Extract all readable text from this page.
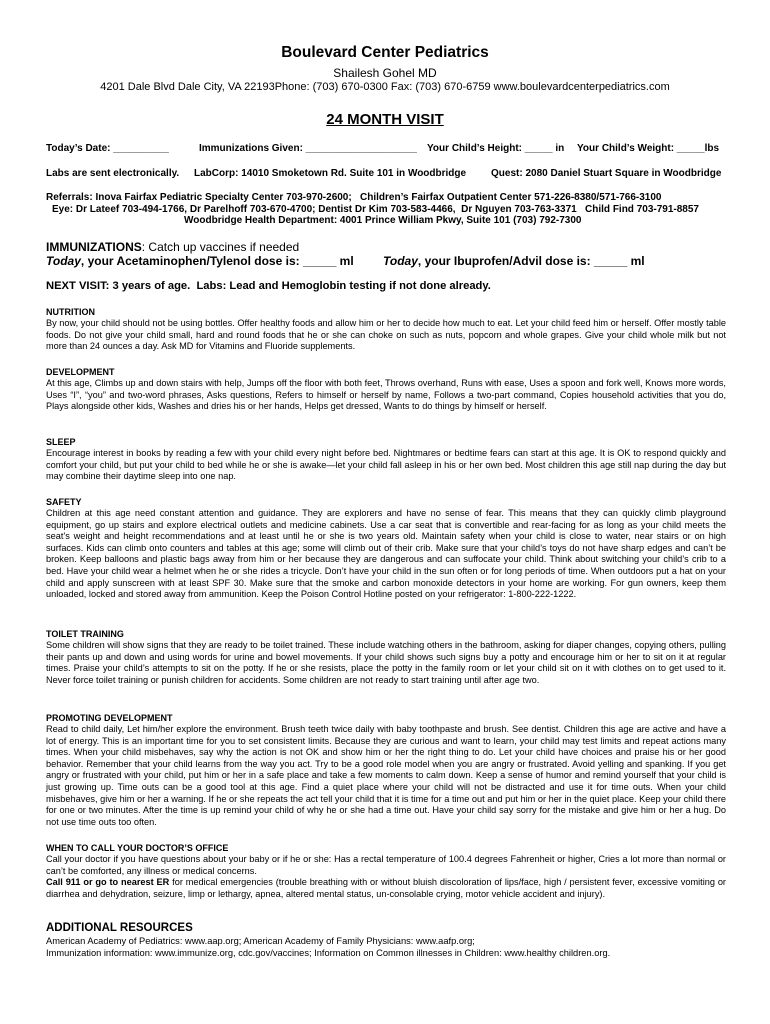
Boulevard Center Pediatrics
Shailesh Gohel MD
4201 Dale Blvd Dale City, VA 22193Phone: (703) 670-0300 Fax: (703) 670-6759 www.boulevardcenterpediatrics.com
24 MONTH VISIT
Today’s Date: __________	Immunizations Given: ____________________ Your Child’s Height: _____ in Your Child’s Weight: _____lbs
Labs are sent electronically. LabCorp: 14010 Smoketown Rd. Suite 101 in Woodbridge Quest: 2080 Daniel Stuart Square in Woodbridge
Referrals: Inova Fairfax Pediatric Specialty Center 703-970-2600;   Children’s Fairfax Outpatient Center 571-226-8380/571-766-3100
Eye: Dr Lateef 703-494-1766, Dr Parelhoff 703-670-4700; Dentist Dr Kim 703-583-4466,  Dr Nguyen 703-763-3371   Child Find 703-791-8857
Woodbridge Health Department: 4001 Prince William Pkwy, Suite 101 (703) 792-7300
IMMUNIZATIONS: Catch up vaccines if needed
Today, your Acetaminophen/Tylenol dose is: _____ ml Today, your Ibuprofen/Advil dose is: _____ ml
NEXT VISIT: 3 years of age.  Labs: Lead and Hemoglobin testing if not done already.
NUTRITION

By now, your child should not be using bottles. Offer healthy foods and allow him or her to decide how much to eat. Let your child feed him or herself. Offer mostly table foods. Do not give your child small, hard and round foods that he or she can choke on such as nuts, popcorn and whole grapes. Give your child whole milk but not more than 24 ounces a day. Ask MD for Vitamins and Fluoride supplements.

DEVELOPMENT

At this age, Climbs up and down stairs with help, Jumps off the floor with both feet, Throws overhand, Runs with ease, Uses a spoon and fork well, Knows more words, Uses “I”, “you” and two-word phrases, Asks questions, Refers to himself or herself by name, Follows a two-part command, Copies household activities that you do, Plays alongside other kids, Washes and dries his or her hands, Helps get dressed, Wants to do things by himself or herself.

SLEEP

Encourage interest in books by reading a few with your child every night before bed. Nightmares or bedtime fears can start at this age. It is OK to respond quickly and comfort your child, but put your child to bed while he or she is awake—let your child fall asleep in his or her own bed. Most children this age still nap during the day but may combine their daytime sleep into one nap.

SAFETY

Children at this age need constant attention and guidance. They are explorers and have no sense of fear. This means that they can quickly climb playground equipment, go up stairs and explore electrical outlets and medicine cabinets. Use a car seat that is convertible and rear-facing for as long as your child meets the seat’s weight and height recommendations and at least until he or she is two years old. Maintain safety when your child is close to water, near stairs or on high surfaces. Kids can climb onto counters and tables at this age; some will climb out of their crib. Make sure that your child’s toys do not have sharp edges and can’t be broken. Keep balloons and plastic bags away from him or her because they are dangerous and can suffocate your child. Think about switching your child’s crib to a bed. Have your child wear a helmet when he or she rides a tricycle. Don’t have your child in the sun often or for long periods of time. When outdoors put a hat on your child and apply sunscreen with at least SPF 30. Make sure that the smoke and carbon monoxide detectors in your home are working. For gun owners, keep them unloaded, locked and stored away from ammunition. Keep the Poison Control Hotline posted on your refrigerator: 1-800-222-1222.

TOILET TRAINING

Some children will show signs that they are ready to be toilet trained. These include watching others in the bathroom, asking for diaper changes, copying others, pulling their pants up and down and using words for urine and bowel movements. If your child shows such signs buy a potty and encourage him or her to sit on it at regular times. Praise your child’s attempts to sit on the potty. If he or she resists, place the potty in the family room or let your child sit on it with clothes on to get used to it. Never force toilet training or punish children for accidents. Some children are not ready to start training until after age two.

PROMOTING DEVELOPMENT

Read to child daily, Let him/her explore the environment. Brush teeth twice daily with baby toothpaste and brush. See dentist. Children this age are active and have a lot of energy. This is an important time for you to set consistent limits. Because they are curious and want to learn, your child may test limits and repeat actions many times. When your child misbehaves, say why the action is not OK and show him or her the right thing to do. Let your child have choices and praise his or her good behavior. Remember that your child learns from the way you act. Try to be a good role model when you are angry or frustrated. Avoid yelling and spanking. If you get angry or frustrated with your child, put him or her in a safe place and take a few moments to calm down. Keep a sense of humor and remind yourself that your child is just growing up. Time outs can be a good tool at this age. Find a quiet place where your child will not be distracted and use it for time outs. When your child misbehaves, give him or her a warning. If he or she repeats the act tell your child that it is time for a time out and put him or her in the quiet place. Keep your child there for one or two minutes. After the time is up remind your child of why he or she had a time out. Have your child say sorry for the mistake and give him or her a hug. Do not use time outs too often.

WHEN TO CALL YOUR DOCTOR’S OFFICE

Call your doctor if you have questions about your baby or if he or she: Has a rectal temperature of 100.4 degrees Fahrenheit or higher, Cries a lot more than normal or can’t be comforted, any illness or medical concerns.
Call 911 or go to nearest ER for medical emergencies (trouble breathing with or without bluish discoloration of lips/face, high / persistent fever, excessive vomiting or diarrhea and dehydration, seizure, limp or lethargy, apnea, altered mental status, un-consolable crying, motor vehicle accident and injury).

ADDITIONAL RESOURCES

American Academy of Pediatrics: www.aap.org; American Academy of Family Physicians: www.aafp.org;

Immunization information: www.immunize.org, cdc.gov/vaccines; Information on Common illnesses in Children: www.healthy children.org.
